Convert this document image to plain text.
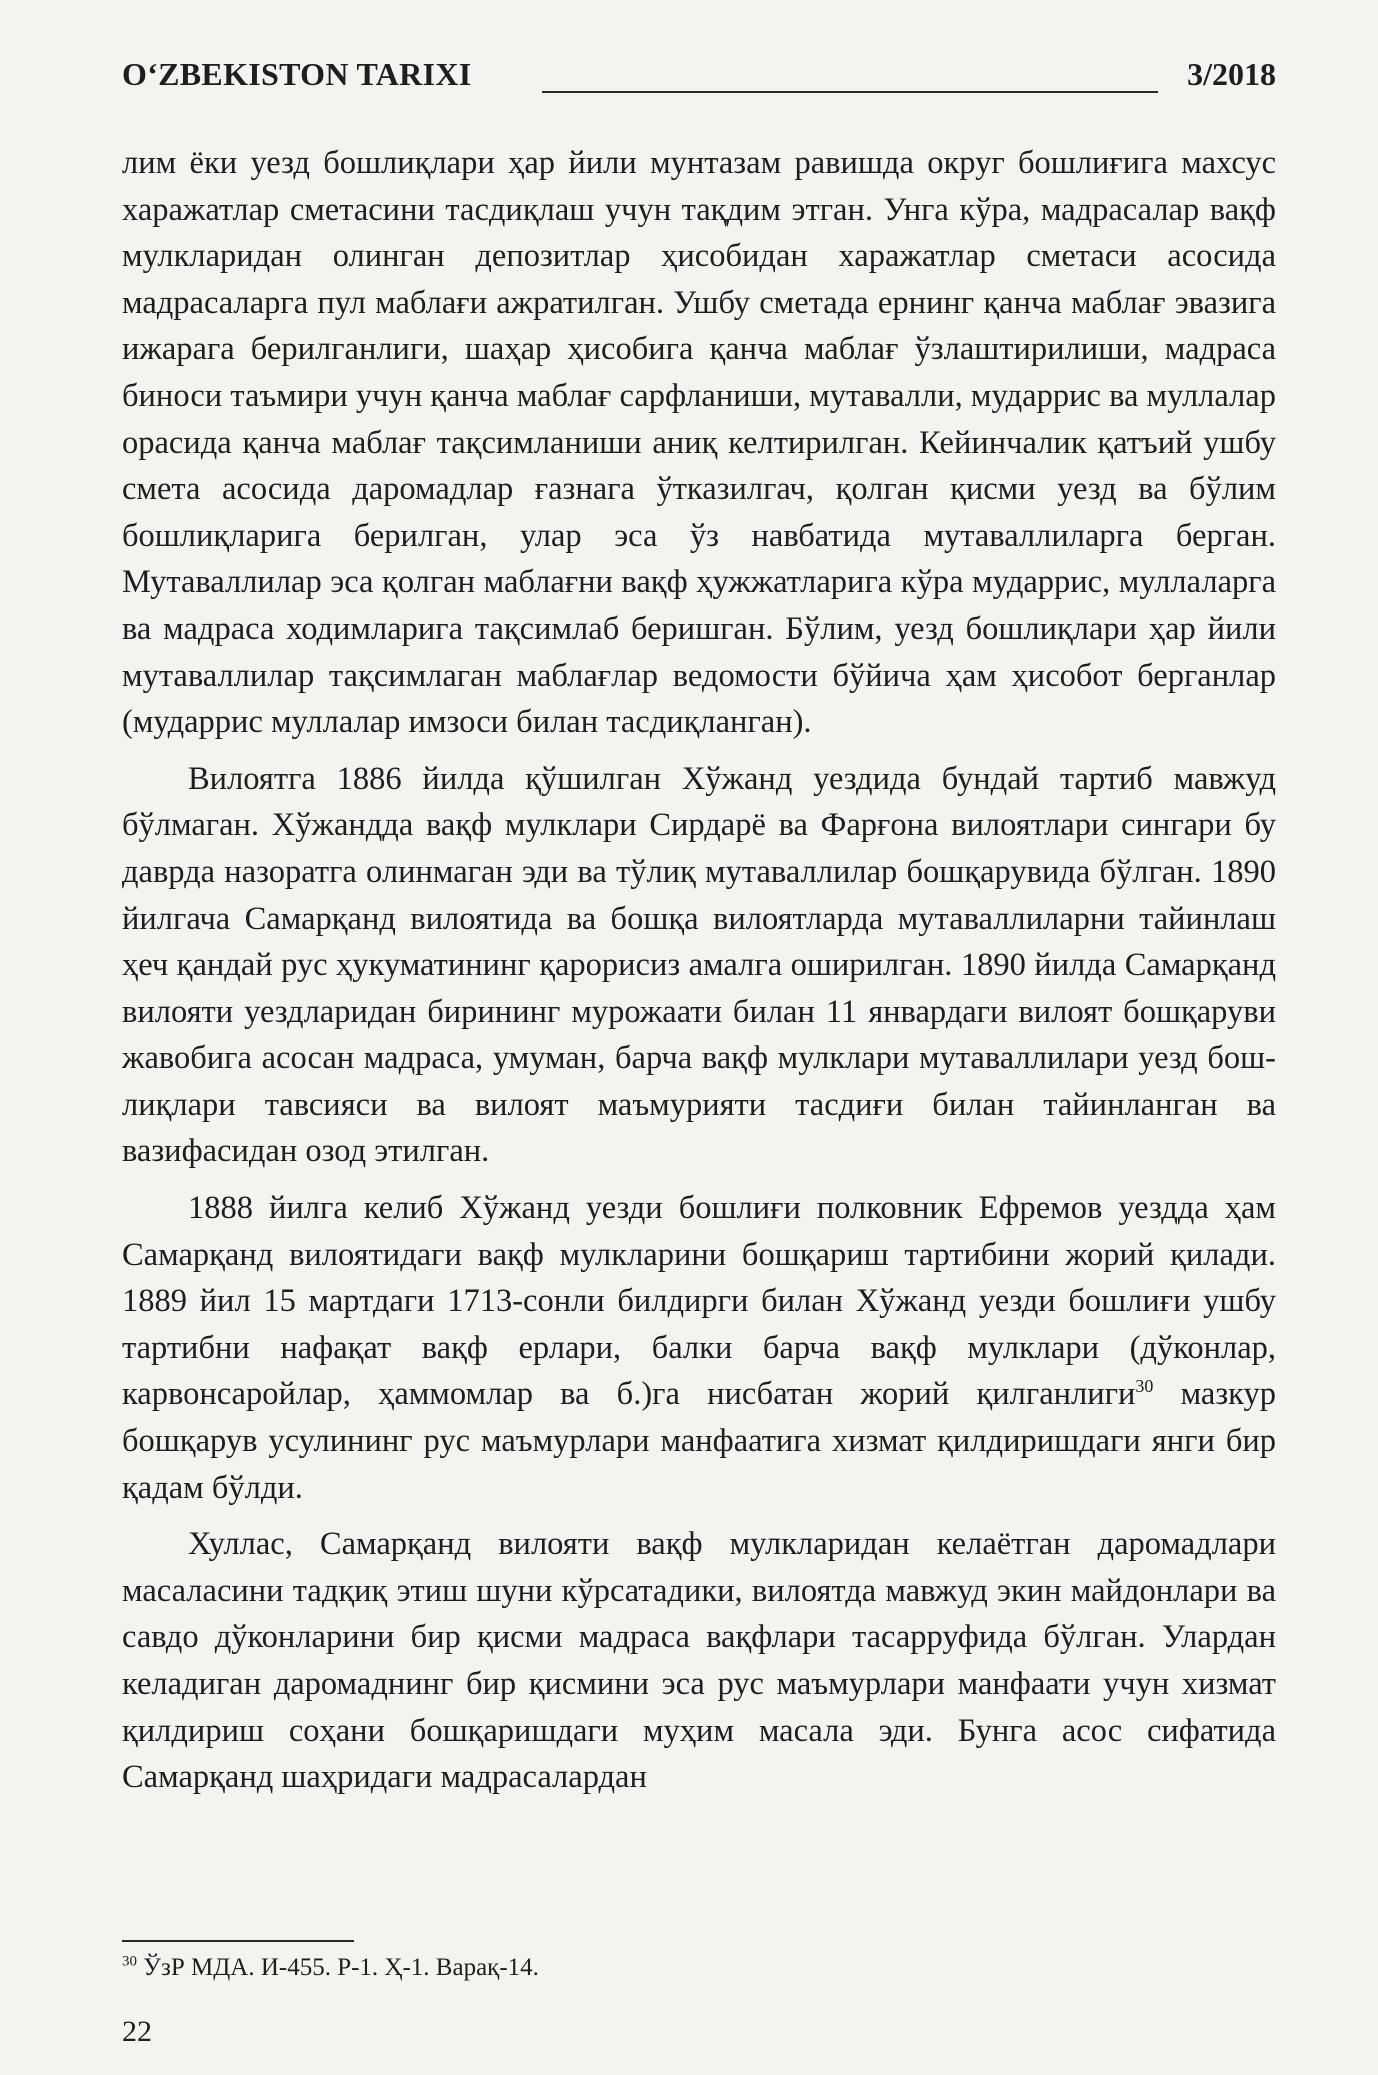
O‘ZBEKISTON TARIXI	3/2018

лим ёки уезд бошлиқлари ҳар йили мунтазам равишда округ бошлиғига махсус харажатлар сметасини тасдиқлаш учун тақдим этган. Унга кўра, мадрасалар вақф мулкларидан олинган депозитлар ҳисобидан харажатлар сметаси асосида мадрасаларга пул маблағи ажратилган. Ушбу сметада ернинг қанча маблағ эвазига ижарага берилганлиги, шаҳар ҳисобига қанча маблағ ўзлаштирилиши, мадраса биноси таъмири учун қанча маблағ сарфланиши, мутавалли, мударрис ва муллалар орасида қанча маблағ тақсимланиши аниқ келтирилган. Кейинчалик қатъий ушбу смета асосида даромадлар ғазнага ўтказилгач, қолган қисми уезд ва бўлим бошлиқларига берилган, улар эса ўз навбатида мутаваллиларга берган. Мутаваллилар эса қолган маблағни вақф ҳужжатларига кўра мударрис, муллаларга ва мадраса ходимларига тақсимлаб беришган. Бўлим, уезд бошлиқлари ҳар йили мутаваллилар тақсимлаган маблағлар ведомости бўйича ҳам ҳисобот берганлар (мударрис муллалар имзоси билан тасдиқланган).

Вилоятга 1886 йилда қўшилган Хўжанд уездида бундай тартиб мавжуд бўлмаган. Хўжандда вақф мулклари Сирдарё ва Фарғона вилоятлари сингари бу даврда назоратга олинмаган эди ва тўлиқ мутаваллилар бошқарувида бўлган. 1890 йилгача Самарқанд вилоятида ва бошқа вилоятларда мутаваллиларни тайинлаш ҳеч қандай рус ҳукуматининг қарорисиз амалга оширилган. 1890 йилда Самарқанд вилояти уездларидан бирининг мурожаати билан 11 январдаги вилоят бошқаруви жавобига асосан мадраса, умуман, барча вақф мулклари мутаваллилари уезд бошлиқлари тавсияси ва вилоят маъмурияти тасдиғи билан тайинланган ва вазифасидан озод этилган.

1888 йилга келиб Хўжанд уезди бошлиғи полковник Ефремов уездда ҳам Самарқанд вилоятидаги вақф мулкларини бошқариш тартибини жорий қилади. 1889 йил 15 мартдаги 1713-сонли билдирги билан Хўжанд уезди бошлиғи ушбу тартибни нафақат вақф ерлари, балки барча вақф мулклари (дўконлар, карвонсаройлар, ҳаммомлар ва б.)га нисбатан жорий қилганлиги$^{30}$ мазкур бошқарув усулининг рус маъмурлари манфаатига хизмат қилдиришдаги янги бир қадам бўлди.

Хуллас, Самарқанд вилояти вақф мулкларидан келаётган даромадлари масаласини тадқиқ этиш шуни кўрсатадики, вилоятда мавжуд экин майдонлари ва савдо дўконларини бир қисми мадраса вақфлари тасарруфида бўлган. Улардан келадиган даромаднинг бир қисмини эса рус маъмурлари манфаати учун хизмат қилдириш соҳани бошқаришдаги муҳим масала эди. Бунга асос сифатида Самарқанд шаҳридаги мадрасалардан

$^{30}$ ЎзР МДА. И-455. Р-1. Ҳ-1. Варақ-14.
22
